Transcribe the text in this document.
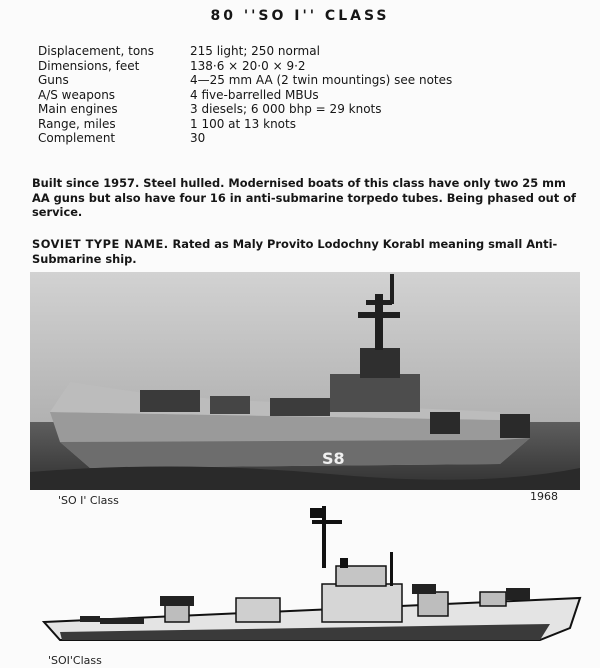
80 ''SO I'' CLASS
Displacement, tons	215 light; 250 normal
Dimensions, feet	138·6 × 20·0 × 9·2
Guns	4—25 mm AA (2 twin mountings) see notes
A/S weapons	4 five-barrelled MBUs
Main engines	3 diesels; 6 000 bhp = 29 knots
Range, miles	1 100 at 13 knots
Complement	30
Built since 1957. Steel hulled. Modernised boats of this class have only two 25 mm AA guns but also have four 16 in anti-submarine torpedo tubes. Being phased out of service.
SOVIET TYPE NAME. Rated as Maly Provito Lodochny Korabl meaning small Anti-Submarine ship.
S8
'SO I' Class	1968
'SOI'Class
